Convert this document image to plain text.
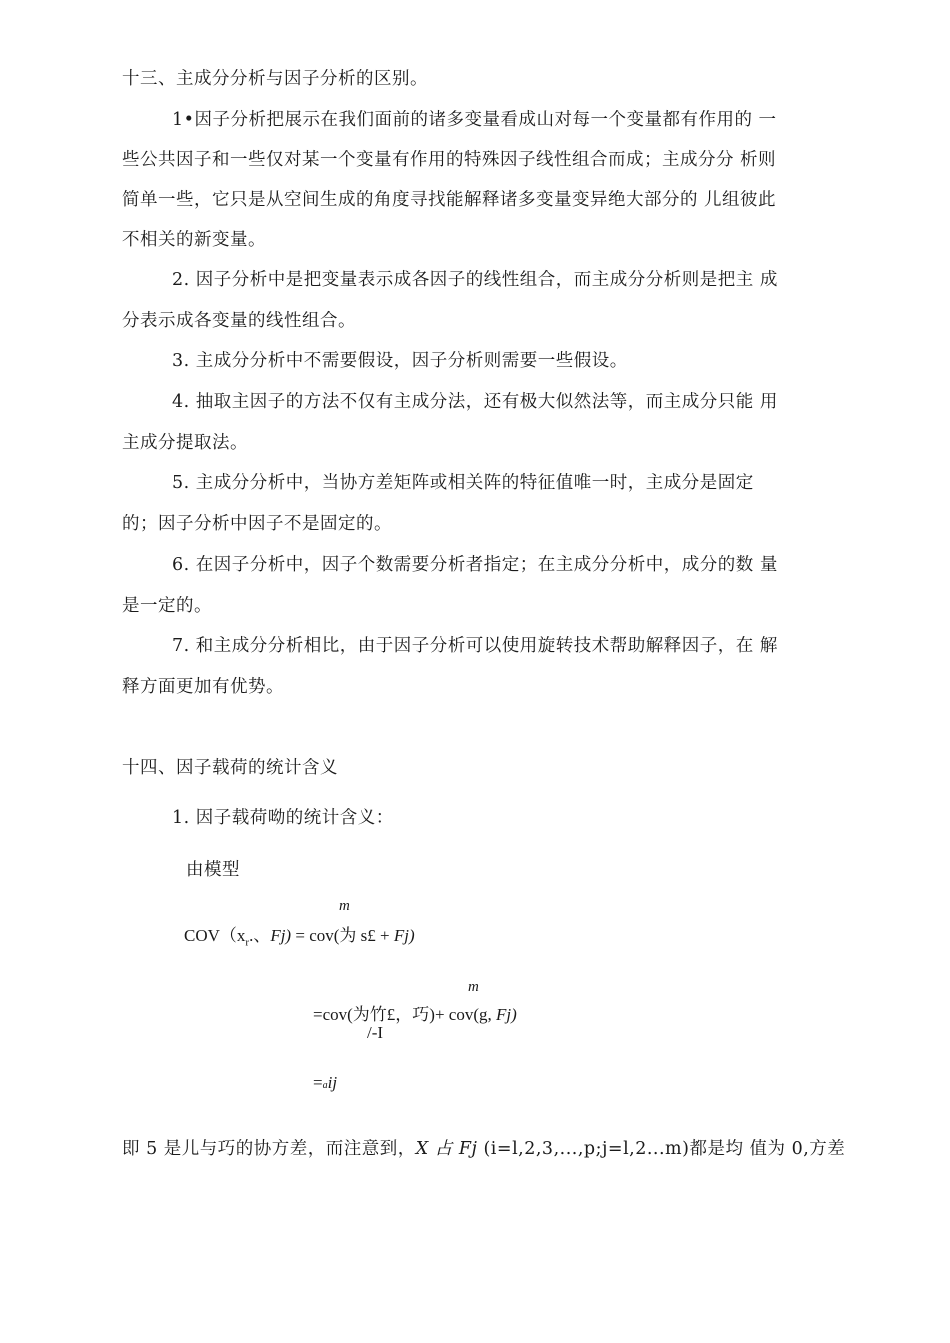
十三、主成分分析与因子分析的区别。
1•因子分析把展示在我们面前的诸多变量看成山对每一个变量都有作用的 一
些公共因子和一些仅对某一个变量有作用的特殊因子线性组合而成；主成分分 析则
简单一些，它只是从空间生成的角度寻找能解释诸多变量变异绝大部分的 儿组彼此
不相关的新变量。
2. 因子分析中是把变量表示成各因子的线性组合，而主成分分析则是把主 成
分表示成各变量的线性组合。
3. 主成分分析中不需要假设，因子分析则需要一些假设。
4. 抽取主因子的方法不仅有主成分法，还有极大似然法等，而主成分只能 用
主成分提取法。
5. 主成分分析中，当协方差矩阵或相关阵的特征值唯一时，主成分是固定
的；因子分析中因子不是固定的。
6. 在因子分析中，因子个数需要分析者指定；在主成分分析中，成分的数 量
是一定的。
7. 和主成分分析相比，由于因子分析可以使用旋转技术帮助解释因子，在 解
释方面更加有优势。
十四、因子载荷的统计含义
1. 因子载荷呦的统计含义：
由模型
m
$COV(x_r$.、Fj) = cov(为 s£ + Fj)
m
=cov(为竹£，巧)+ cov(g, Fj)
/-I
=aij
即 5 是儿与巧的协方差，而注意到，X 占 Fj (i=l,2,3,...,p;j=l,2...m)都是均 值为 0,方差
